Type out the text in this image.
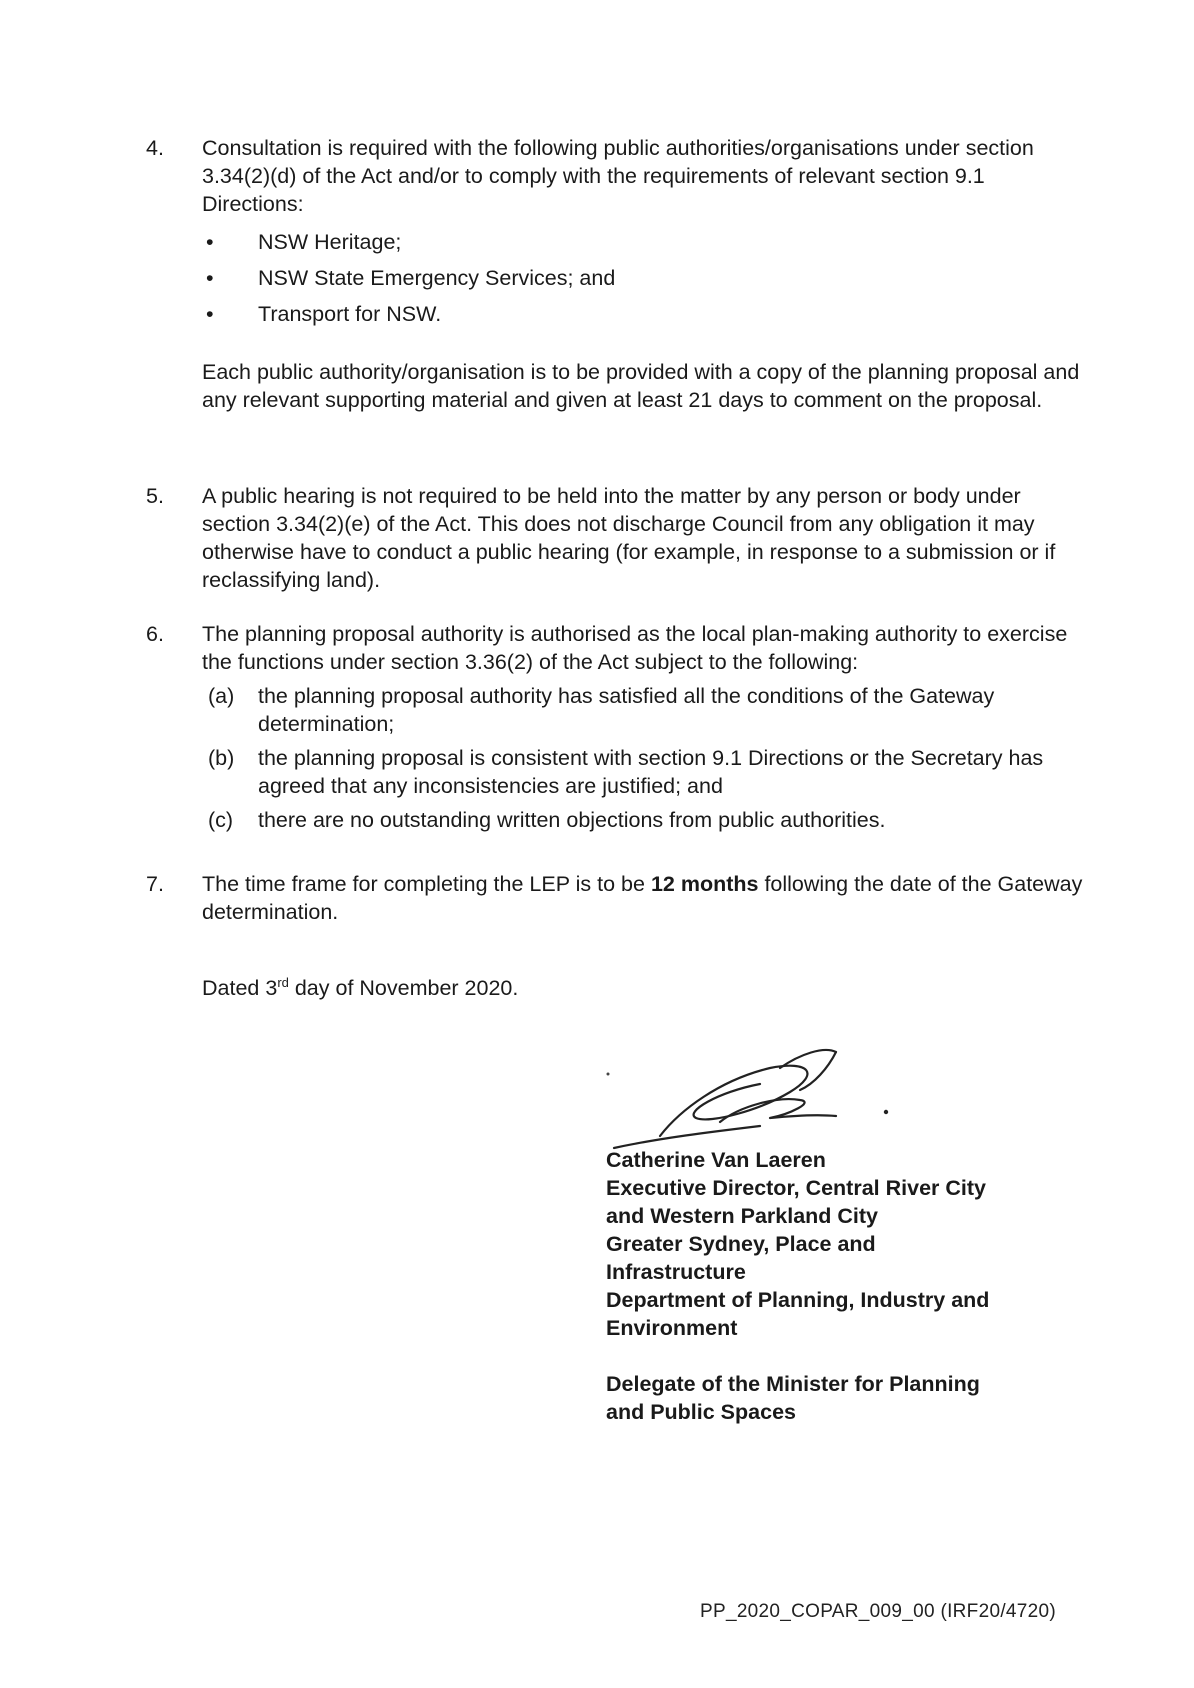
4. Consultation is required with the following public authorities/organisations under section 3.34(2)(d) of the Act and/or to comply with the requirements of relevant section 9.1 Directions:

• NSW Heritage;
• NSW State Emergency Services; and
• Transport for NSW.

Each public authority/organisation is to be provided with a copy of the planning proposal and any relevant supporting material and given at least 21 days to comment on the proposal.

5. A public hearing is not required to be held into the matter by any person or body under section 3.34(2)(e) of the Act. This does not discharge Council from any obligation it may otherwise have to conduct a public hearing (for example, in response to a submission or if reclassifying land).

6. The planning proposal authority is authorised as the local plan-making authority to exercise the functions under section 3.36(2) of the Act subject to the following:

(a) the planning proposal authority has satisfied all the conditions of the Gateway determination;
(b) the planning proposal is consistent with section 9.1 Directions or the Secretary has agreed that any inconsistencies are justified; and
(c) there are no outstanding written objections from public authorities.
7. The time frame for completing the LEP is to be 12 months following the date of the Gateway determination.

Dated 3rd day of November 2020.
Catherine Van Laeren
Executive Director, Central River City
and Western Parkland City
Greater Sydney, Place and
Infrastructure
Department of Planning, Industry and
Environment
Delegate of the Minister for Planning
and Public Spaces
PP_2020_COPAR_009_00 (IRF20/4720)
